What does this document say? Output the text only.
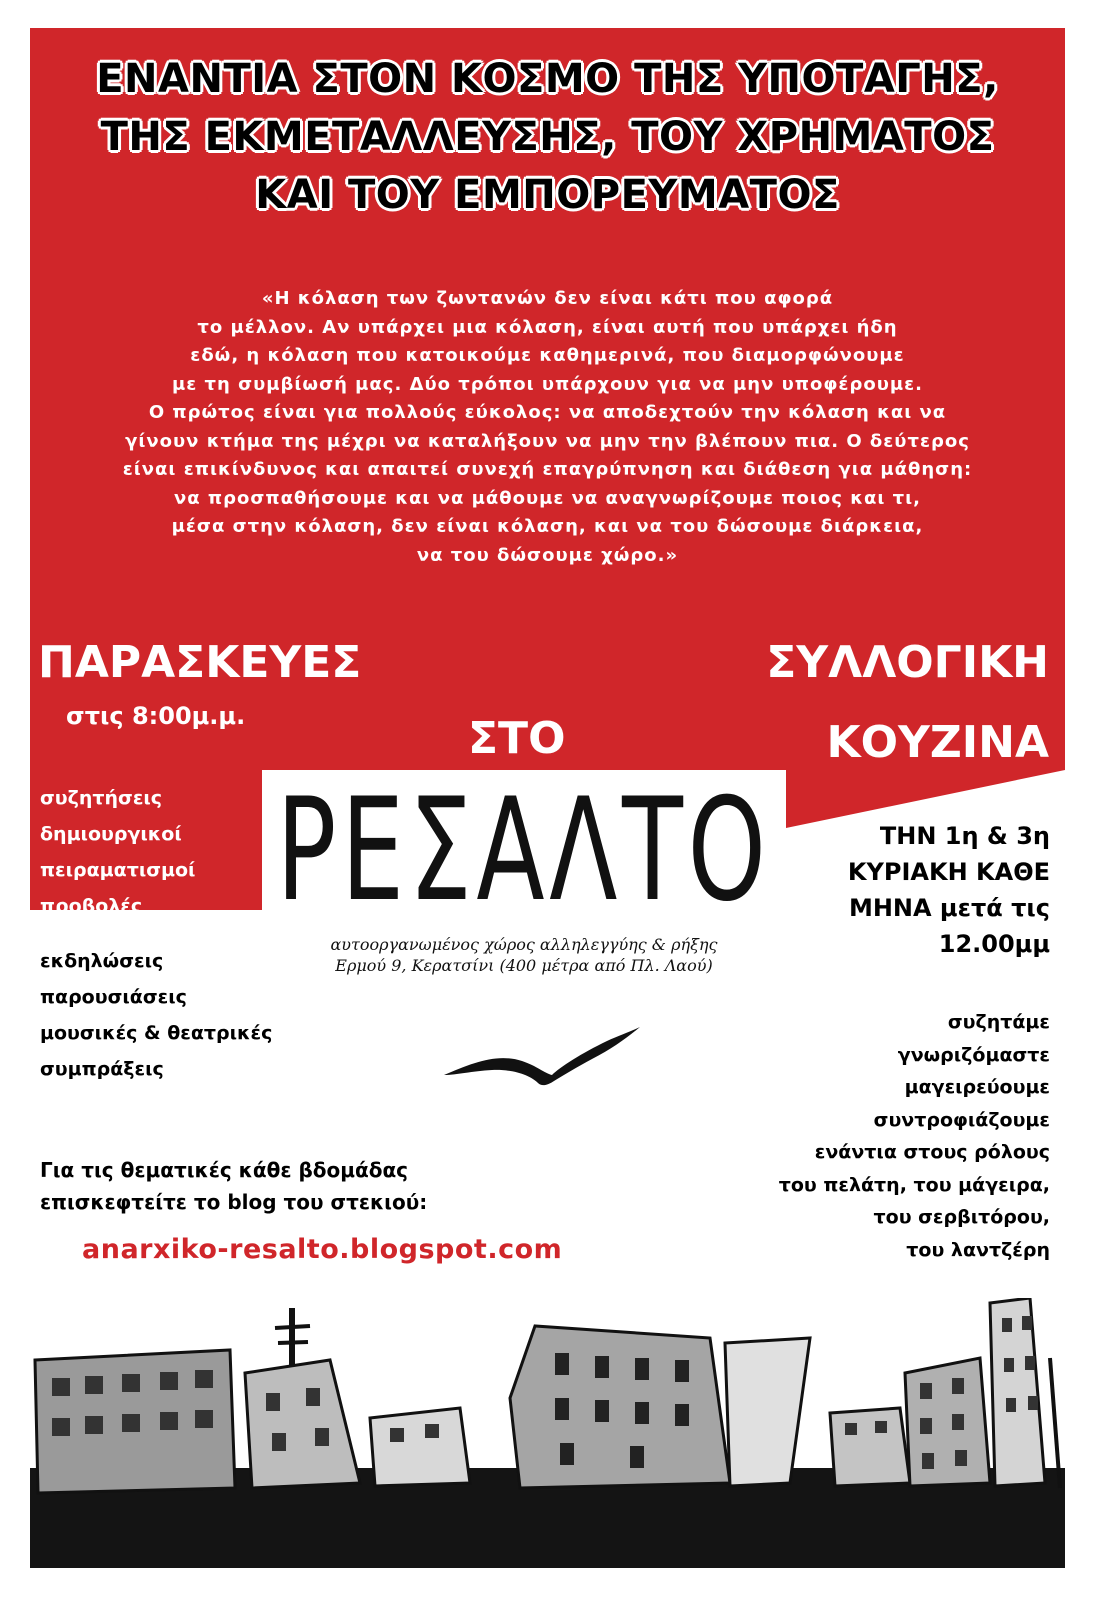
ΕΝΑΝΤΙΑ ΣΤΟΝ ΚΟΣΜΟ ΤΗΣ ΥΠΟΤΑΓΗΣ,
ΤΗΣ ΕΚΜΕΤΑΛΛΕΥΣΗΣ, ΤΟΥ ΧΡΗΜΑΤΟΣ
ΚΑΙ ΤΟΥ ΕΜΠΟΡΕΥΜΑΤΟΣ
«Η κόλαση των ζωντανών δεν είναι κάτι που αφορά
το μέλλον. Αν υπάρχει μια κόλαση, είναι αυτή που υπάρχει ήδη
εδώ, η κόλαση που κατοικούμε καθημερινά, που διαμορφώνουμε
με τη συμβίωσή μας. Δύο τρόποι υπάρχουν για να μην υποφέρουμε.
Ο πρώτος είναι για πολλούς εύκολος: να αποδεχτούν την κόλαση και να
γίνουν κτήμα της μέχρι να καταλήξουν να μην την βλέπουν πια. Ο δεύτερος
είναι επικίνδυνος και απαιτεί συνεχή επαγρύπνηση και διάθεση για μάθηση:
να προσπαθήσουμε και να μάθουμε να αναγνωρίζουμε ποιος και τι,
μέσα στην κόλαση, δεν είναι κόλαση, και να του δώσουμε διάρκεια,
να του δώσουμε χώρο.»
ΠΑΡΑΣΚΕΥΕΣ
στις 8:00μ.μ.	ΣΤΟ
ΣΥΛΛΟΓΙΚΗ
ΚΟΥΖΙΝΑ
συζητήσεις
δημιουργικοί
πειραματισμοί
προβολές
εκδηλώσεις
παρουσιάσεις
μουσικές & θεατρικές
συμπράξεις
ΡΕΣΑΛΤΟ
αυτοοργανωμένος χώρος αλληλεγγύης & ρήξης
Ερμού 9, Κερατσίνι (400 μέτρα από Πλ. Λαού)
ΤΗΝ 1η & 3η
ΚΥΡΙΑΚΗ ΚΑΘΕ
ΜΗΝΑ μετά τις
12.00μμ
συζητάμε
γνωριζόμαστε
μαγειρεύουμε
συντροφιάζουμε
ενάντια στους ρόλους
του πελάτη, του μάγειρα,
του σερβιτόρου,
του λαντζέρη
Για τις θεματικές κάθε βδομάδας
επισκεφτείτε το blog του στεκιού:
anarxiko-resalto.blogspot.com
